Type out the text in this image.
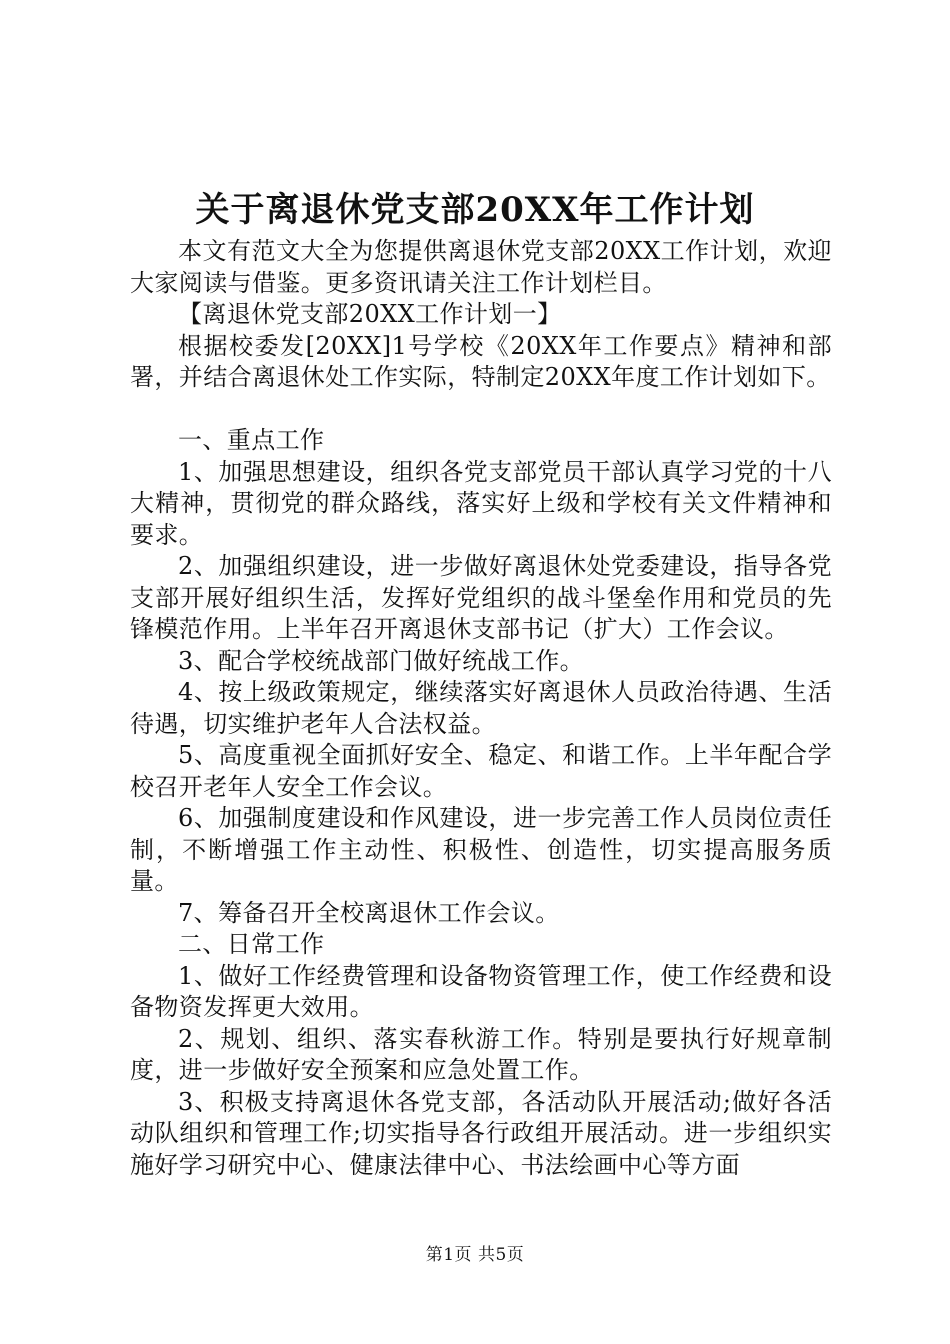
关于离退休党支部20XX年工作计划

本文有范文大全为您提供离退休党支部20XX工作计划，欢迎大家阅读与借鉴。更多资讯请关注工作计划栏目。

【离退休党支部20XX工作计划一】

根据校委发[20XX]1号学校《20XX年工作要点》精神和部署，并结合离退休处工作实际，特制定20XX年度工作计划如下。

一、重点工作

1、加强思想建设，组织各党支部党员干部认真学习党的十八大精神，贯彻党的群众路线，落实好上级和学校有关文件精神和要求。

2、加强组织建设，进一步做好离退休处党委建设，指导各党支部开展好组织生活，发挥好党组织的战斗堡垒作用和党员的先锋模范作用。上半年召开离退休支部书记（扩大）工作会议。

3、配合学校统战部门做好统战工作。

4、按上级政策规定，继续落实好离退休人员政治待遇、生活待遇，切实维护老年人合法权益。

5、高度重视全面抓好安全、稳定、和谐工作。上半年配合学校召开老年人安全工作会议。

6、加强制度建设和作风建设，进一步完善工作人员岗位责任制，不断增强工作主动性、积极性、创造性，切实提高服务质量。

7、筹备召开全校离退休工作会议。

二、日常工作

1、做好工作经费管理和设备物资管理工作，使工作经费和设备物资发挥更大效用。

2、规划、组织、落实春秋游工作。特别是要执行好规章制度，进一步做好安全预案和应急处置工作。

3、积极支持离退休各党支部，各活动队开展活动;做好各活动队组织和管理工作;切实指导各行政组开展活动。进一步组织实施好学习研究中心、健康法律中心、书法绘画中心等方面

第1页 共5页
